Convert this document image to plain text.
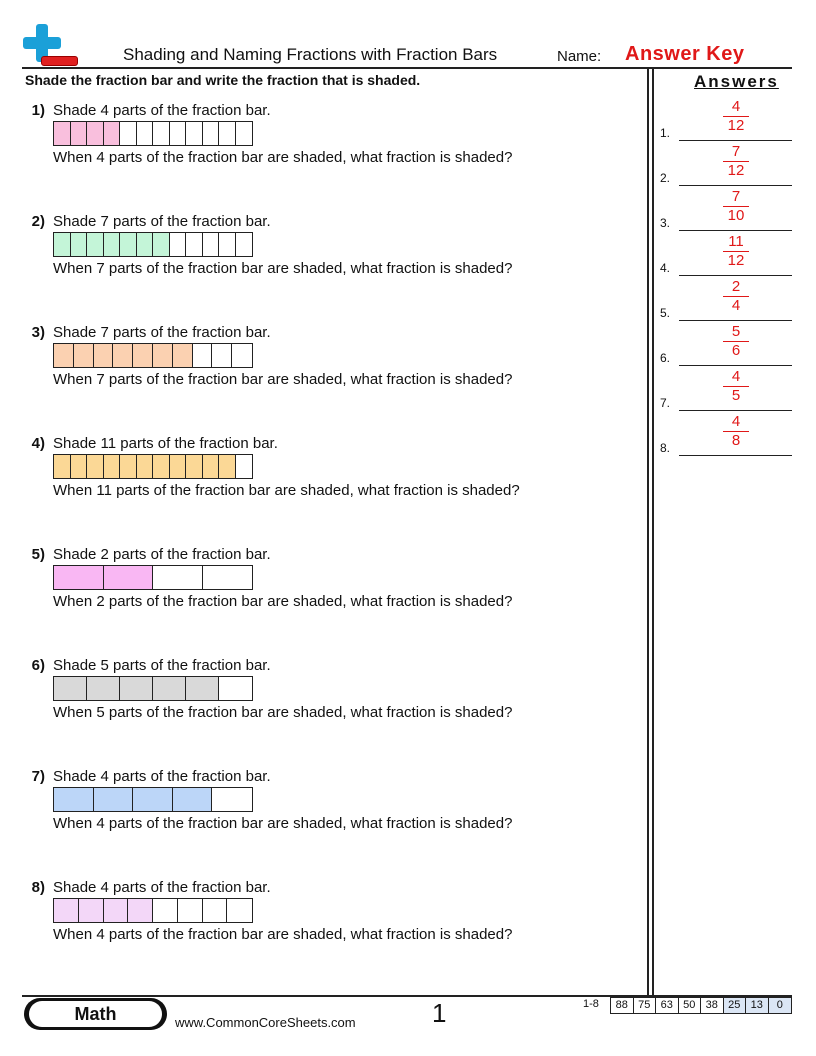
Shading and Naming Fractions with Fraction Bars	Name: Answer Key
Shade the fraction bar and write the fraction that is shaded.
1) Shade 4 parts of the fraction bar.
When 4 parts of the fraction bar are shaded, what fraction is shaded?
2) Shade 7 parts of the fraction bar.
When 7 parts of the fraction bar are shaded, what fraction is shaded?
3) Shade 7 parts of the fraction bar.
When 7 parts of the fraction bar are shaded, what fraction is shaded?
4) Shade 11 parts of the fraction bar.
When 11 parts of the fraction bar are shaded, what fraction is shaded?
5) Shade 2 parts of the fraction bar.
When 2 parts of the fraction bar are shaded, what fraction is shaded?
6) Shade 5 parts of the fraction bar.
When 5 parts of the fraction bar are shaded, what fraction is shaded?
7) Shade 4 parts of the fraction bar.
When 4 parts of the fraction bar are shaded, what fraction is shaded?
8) Shade 4 parts of the fraction bar.
When 4 parts of the fraction bar are shaded, what fraction is shaded?
Answers
1.
4
12
2.
7
12
3.
7
10
4.
11
12
5.
2
4
6.
5
6
7.
4
5
8.
4
8
Math	www.CommonCoreSheets.com	1	1-8	88 75 63 50 38 25 13	0
